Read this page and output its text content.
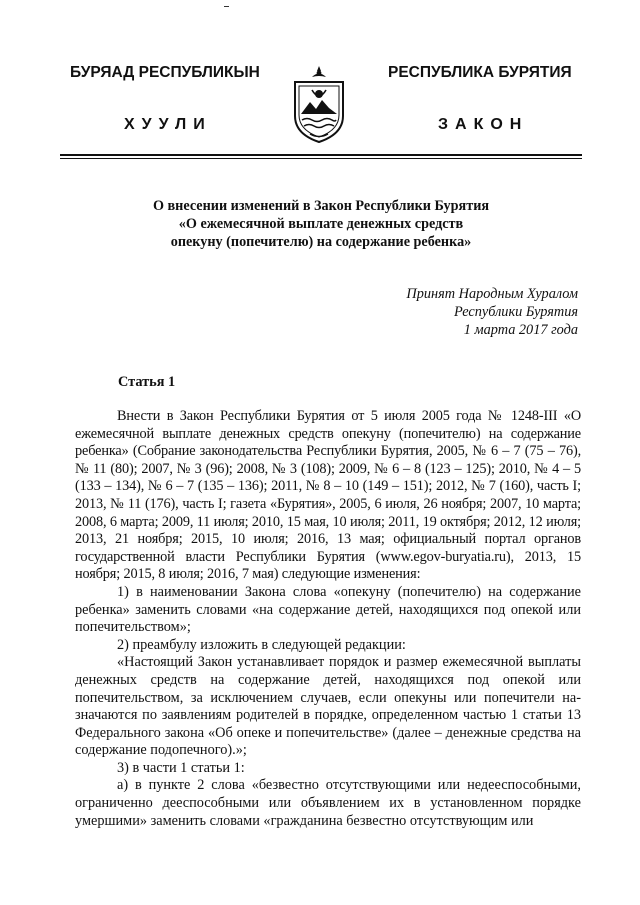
БУРЯАД РЕСПУБЛИКЫН	РЕСПУБЛИКА БУРЯТИЯ
ХУУЛИ	ЗАКОН
О внесении изменений в Закон Республики Бурятия
«О ежемесячной выплате денежных средств
опекуну (попечителю) на содержание ребенка»
Принят Народным Хуралом
Республики Бурятия
1 марта 2017 года
Статья 1

Внести в Закон Республики Бурятия от 5 июля 2005 года № 1248-III «О ежемесячной выплате денежных средств опекуну (попечителю) на содержание ребенка» (Собрание законодательства Республики Бурятия, 2005, № 6 – 7 (75 – 76), № 11 (80); 2007, № 3 (96); 2008, № 3 (108); 2009, № 6 – 8 (123 – 125); 2010, № 4 – 5 (133 – 134), № 6 – 7 (135 – 136); 2011, № 8 – 10 (149 – 151); 2012, № 7 (160), часть I; 2013, № 11 (176), часть I; газета «Бурятия», 2005, 6 июля, 26 ноября; 2007, 10 марта; 2008, 6 марта; 2009, 11 июля; 2010, 15 мая, 10 июля; 2011, 19 октября; 2012, 12 июля; 2013, 21 ноября; 2015, 10 июля; 2016, 13 мая; официальный портал органов государственной власти Республики Бурятия (www.egov-buryatia.ru), 2013, 15 ноября; 2015, 8 июля; 2016, 7 мая) следующие изменения:

1) в наименовании Закона слова «опекуну (попечителю) на содержание ребенка» заменить словами «на содержание детей, находящихся под опекой или попечительством»;

2) преамбулу изложить в следующей редакции:

«Настоящий Закон устанавливает порядок и размер ежемесячной выплаты денежных средств на содержание детей, находящихся под опекой или попечительством, за исключением случаев, если опекуны или попечители назначаются по заявлениям родителей в порядке, определенном частью 1 статьи 13 Федерального закона «Об опеке и попечительстве» (далее – денежные средства на содержание подопечного).»;

3) в части 1 статьи 1:

а) в пункте 2 слова «безвестно отсутствующими или недееспособными, ограниченно дееспособными или объявлением их в установленном порядке умершими» заменить словами «гражданина безвестно отсутствующим или
